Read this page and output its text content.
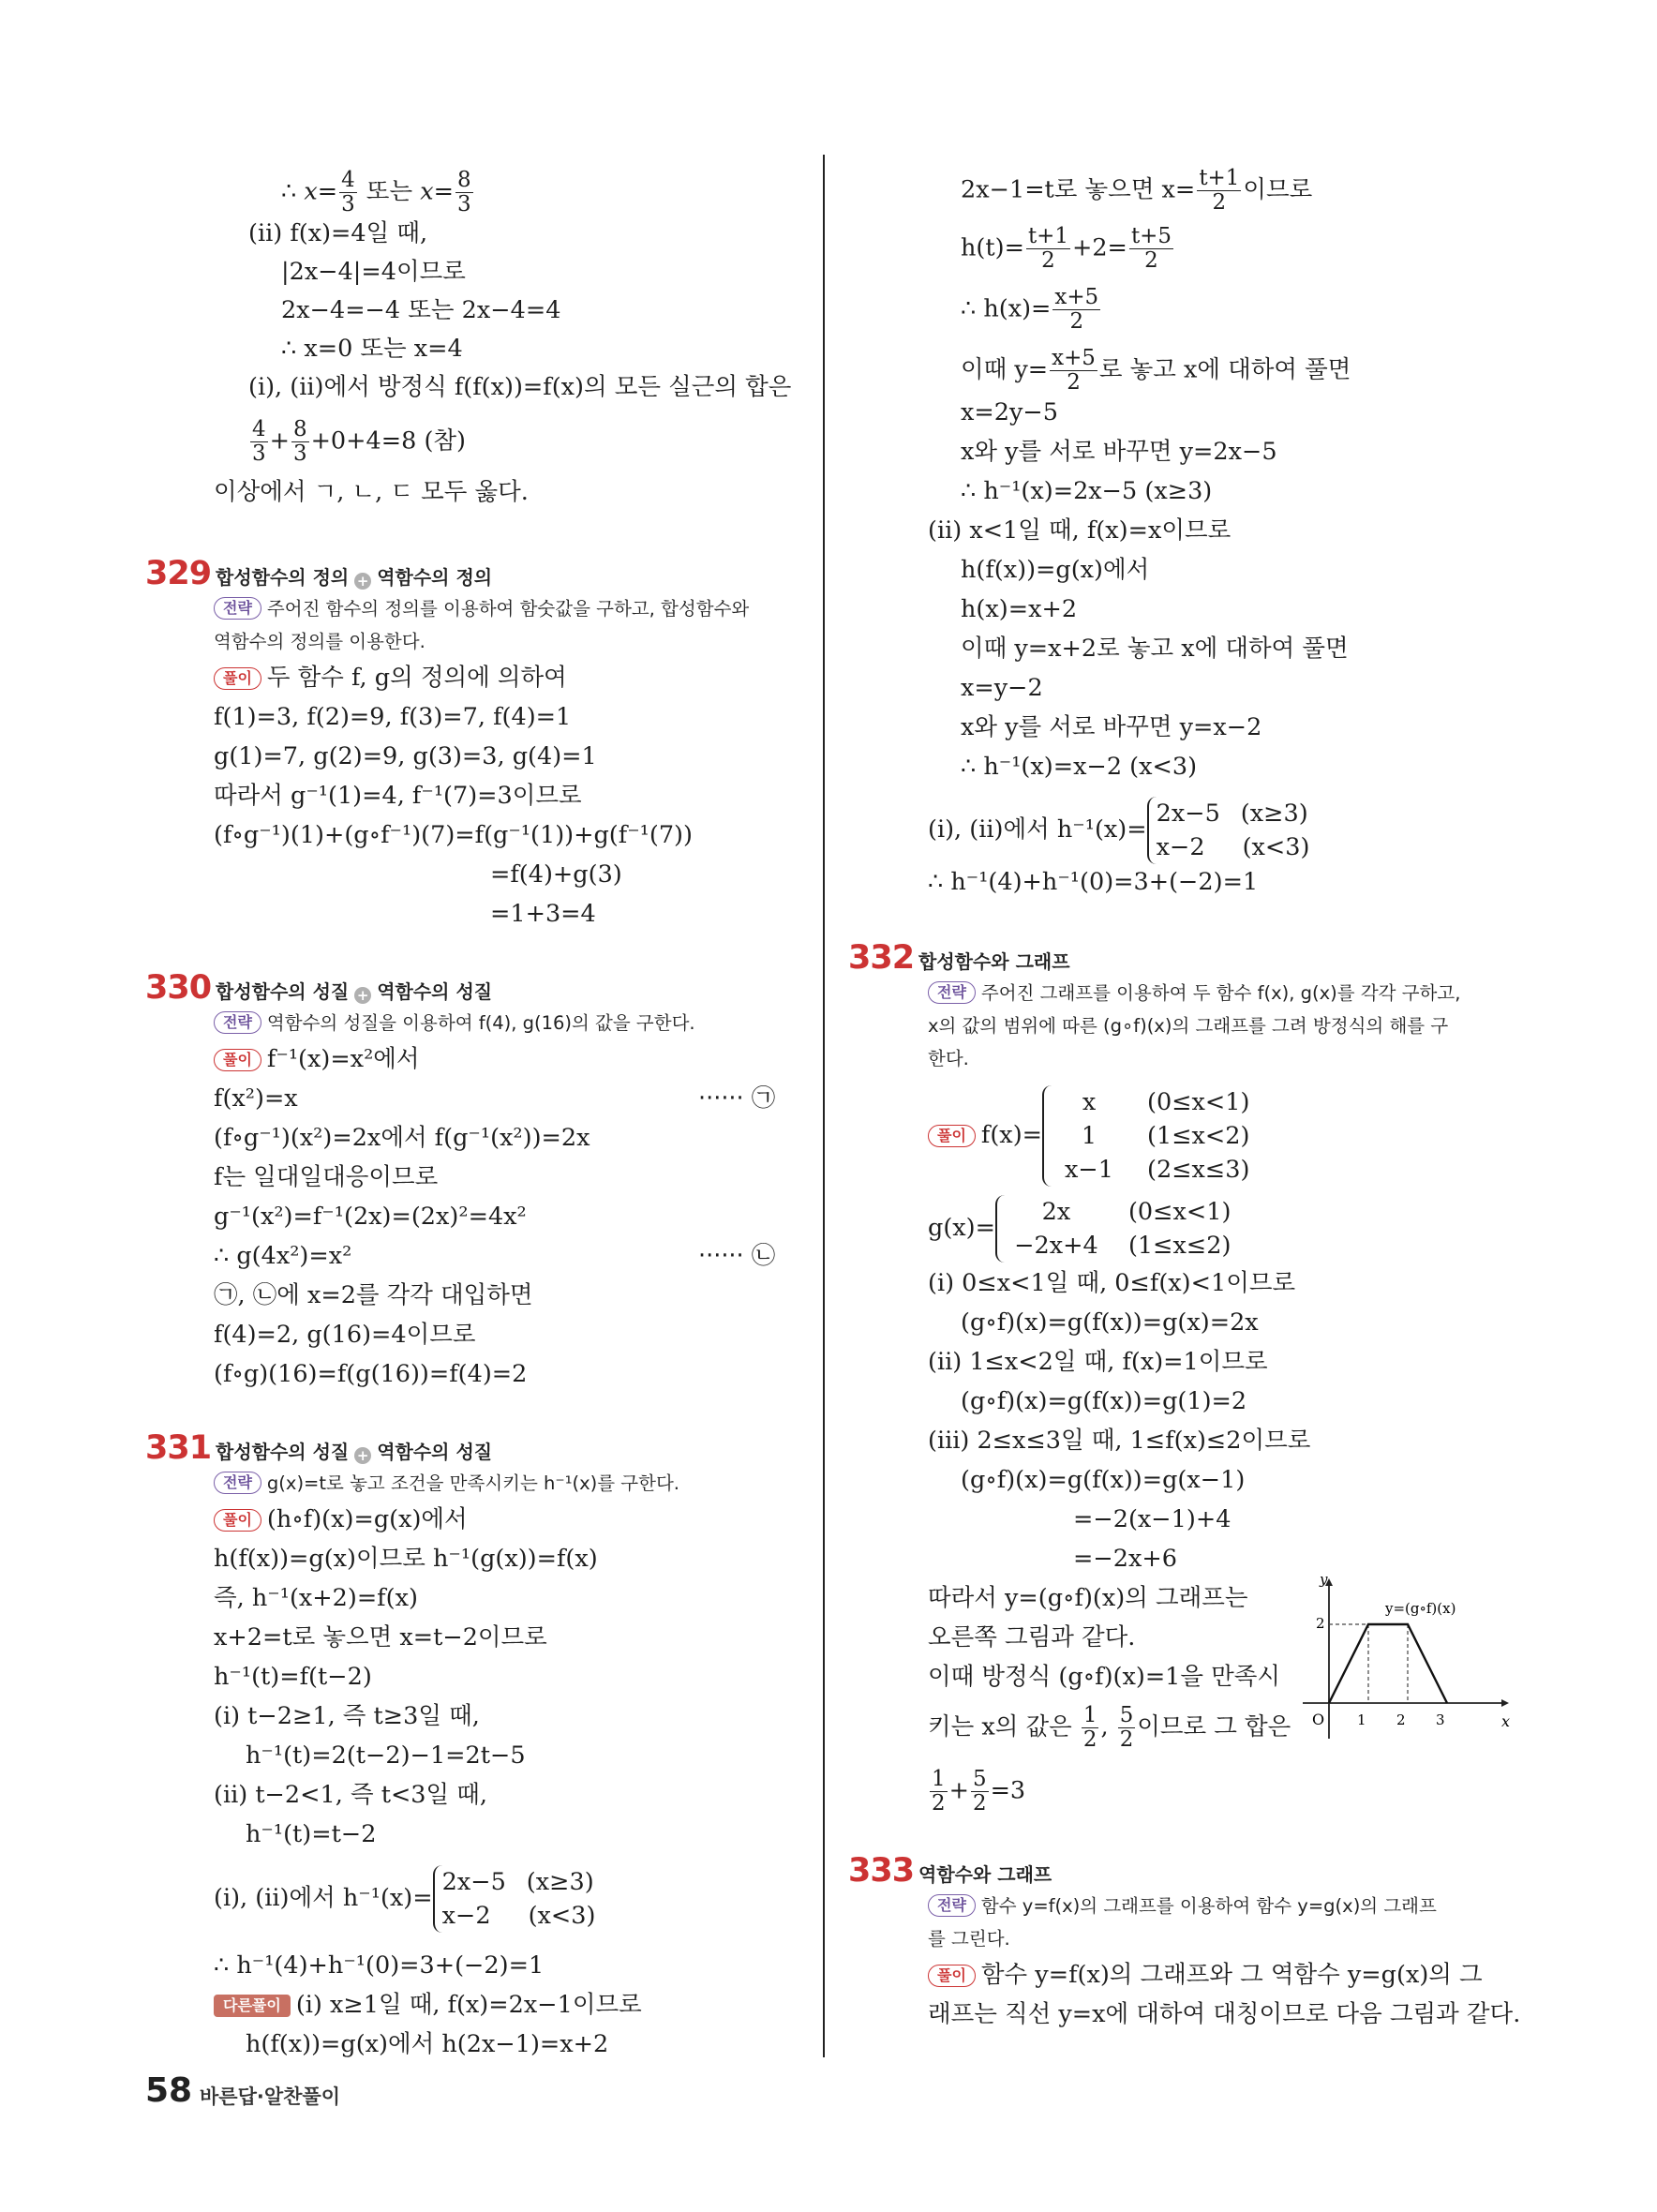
∴ $x= \frac{4}{3}$ 또는 $x= \frac{8}{3}$
(ⅱ) f(x)=4일 때,
|2x−4|=4이므로
2x−4=−4 또는 2x−4=4
∴ x=0 또는 x=4
(ⅰ), (ⅱ)에서 방정식 f(f(x))=f(x)의 모든 실근의 합은
$\frac{4}{3} + \frac{8}{3} +0+4=8$ (참)
이상에서 ㄱ, ㄴ, ㄷ 모두 옳다.
329 합성함수의 정의 + 역함수의 정의
전략 주어진 함수의 정의를 이용하여 함숫값을 구하고, 합성함수와
역함수의 정의를 이용한다.
풀이 두 함수 f, g의 정의에 의하여
f(1)=3, f(2)=9, f(3)=7, f(4)=1
g(1)=7, g(2)=9, g(3)=3, g(4)=1
따라서 g⁻¹(1)=4, f⁻¹(7)=3이므로
(f∘g⁻¹)(1)+(g∘f⁻¹)(7)=f(g⁻¹(1))+g(f⁻¹(7))
=f(4)+g(3)
=1+3=4
330 합성함수의 성질 + 역함수의 성질
전략 역함수의 성질을 이용하여 f(4), g(16)의 값을 구한다.
풀이 f⁻¹(x)=x²에서
f(x²)=x	······ ㉠
(f∘g⁻¹)(x²)=2x에서 f(g⁻¹(x²))=2x
f는 일대일대응이므로
g⁻¹(x²)=f⁻¹(2x)=(2x)²=4x²
∴ g(4x²)=x²	······ ㉡
㉠, ㉡에 x=2를 각각 대입하면
f(4)=2, g(16)=4이므로
(f∘g)(16)=f(g(16))=f(4)=2
331 합성함수의 성질 + 역함수의 성질
전략 g(x)=t로 놓고 조건을 만족시키는 h⁻¹(x)를 구한다.
풀이 (h∘f)(x)=g(x)에서
h(f(x))=g(x)이므로 h⁻¹(g(x))=f(x)
즉, h⁻¹(x+2)=f(x)
x+2=t로 놓으면 x=t−2이므로
h⁻¹(t)=f(t−2)
(ⅰ) t−2≥1, 즉 t≥3일 때,
h⁻¹(t)=2(t−2)−1=2t−5
(ⅱ) t−2<1, 즉 t<3일 때,
h⁻¹(t)=t−2
(ⅰ), (ⅱ)에서 h⁻¹(x)=
2x−5 (x≥3)
x−2 (x<3)
∴ h⁻¹(4)+h⁻¹(0)=3+(−2)=1
다른풀이 (ⅰ) x≥1일 때, f(x)=2x−1이므로
h(f(x))=g(x)에서 h(2x−1)=x+2
58 바른답·알찬풀이
2x−1=t로 놓으면 $x= \frac{t+1}{2}$ 이므로
$h(t)= \frac{t+1}{2} +2= \frac{t+5}{2}$
∴ $h(x)= \frac{x+5}{2}$
이때 $y= \frac{x+5}{2}$ 로 놓고 x에 대하여 풀면
x=2y−5
x와 y를 서로 바꾸면 y=2x−5
∴ h⁻¹(x)=2x−5 (x≥3)
(ⅱ) x<1일 때, f(x)=x이므로
h(f(x))=g(x)에서
h(x)=x+2
이때 y=x+2로 놓고 x에 대하여 풀면
x=y−2
x와 y를 서로 바꾸면 y=x−2
∴ h⁻¹(x)=x−2 (x<3)
(ⅰ), (ⅱ)에서 h⁻¹(x)=
2x−5 (x≥3)
x−2 (x<3)
∴ h⁻¹(4)+h⁻¹(0)=3+(−2)=1
332 합성함수와 그래프
전략 주어진 그래프를 이용하여 두 함수 f(x), g(x)를 각각 구하고,
x의 값의 범위에 따른 (g∘f)(x)의 그래프를 그려 방정식의 해를 구
한다.
풀이 f(x)=
x (0≤x<1)
1 (1≤x<2)
x−1 (2≤x≤3)
g(x)=
2x (0≤x<1)
−2x+4 (1≤x≤2)
(ⅰ) 0≤x<1일 때, 0≤f(x)<1이므로
(g∘f)(x)=g(f(x))=g(x)=2x
(ⅱ) 1≤x<2일 때, f(x)=1이므로
(g∘f)(x)=g(f(x))=g(1)=2
(ⅲ) 2≤x≤3일 때, 1≤f(x)≤2이므로
(g∘f)(x)=g(f(x))=g(x−1)
=−2(x−1)+4
=−2x+6
따라서 y=(g∘f)(x)의 그래프는
오른쪽 그림과 같다.
이때 방정식 (g∘f)(x)=1을 만족시
키는 x의 값은 $\frac{1}{2}$ , $\frac{5}{2}$ 이므로 그 합은
$\frac{1}{2} + \frac{5}{2} =3$
y
x
O
2
1 2 3
y=(g∘f)(x)
333 역함수와 그래프
전략 함수 y=f(x)의 그래프를 이용하여 함수 y=g(x)의 그래프
를 그린다.
풀이 함수 y=f(x)의 그래프와 그 역함수 y=g(x)의 그
래프는 직선 y=x에 대하여 대칭이므로 다음 그림과 같다.
